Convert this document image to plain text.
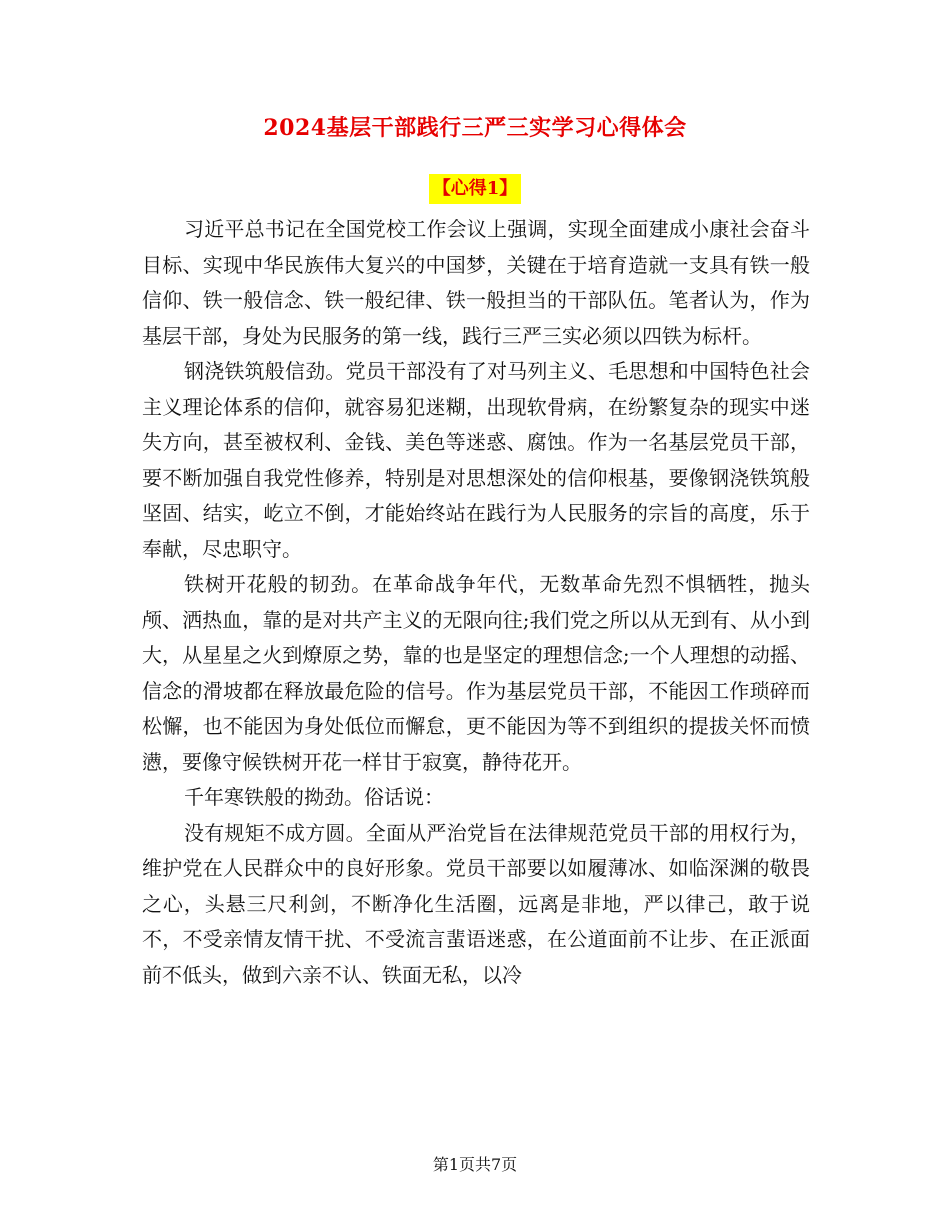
2024基层干部践行三严三实学习心得体会
【心得1】

习近平总书记在全国党校工作会议上强调，实现全面建成小康社会奋斗目标、实现中华民族伟大复兴的中国梦，关键在于培育造就一支具有铁一般信仰、铁一般信念、铁一般纪律、铁一般担当的干部队伍。笔者认为，作为基层干部，身处为民服务的第一线，践行三严三实必须以四铁为标杆。

钢浇铁筑般信劲。党员干部没有了对马列主义、毛思想和中国特色社会主义理论体系的信仰，就容易犯迷糊，出现软骨病，在纷繁复杂的现实中迷失方向，甚至被权利、金钱、美色等迷惑、腐蚀。作为一名基层党员干部，要不断加强自我党性修养，特别是对思想深处的信仰根基，要像钢浇铁筑般坚固、结实，屹立不倒，才能始终站在践行为人民服务的宗旨的高度，乐于奉献，尽忠职守。

铁树开花般的韧劲。在革命战争年代，无数革命先烈不惧牺牲，抛头颅、洒热血，靠的是对共产主义的无限向往;我们党之所以从无到有、从小到大，从星星之火到燎原之势，靠的也是坚定的理想信念;一个人理想的动摇、信念的滑坡都在释放最危险的信号。作为基层党员干部，不能因工作琐碎而松懈，也不能因为身处低位而懈怠，更不能因为等不到组织的提拔关怀而愤懑，要像守候铁树开花一样甘于寂寞，静待花开。

千年寒铁般的拗劲。俗话说：

没有规矩不成方圆。全面从严治党旨在法律规范党员干部的用权行为，维护党在人民群众中的良好形象。党员干部要以如履薄冰、如临深渊的敬畏之心，头悬三尺利剑，不断净化生活圈，远离是非地，严以律己，敢于说不，不受亲情友情干扰、不受流言蜚语迷惑，在公道面前不让步、在正派面前不低头，做到六亲不认、铁面无私，以冷

第1页共7页
